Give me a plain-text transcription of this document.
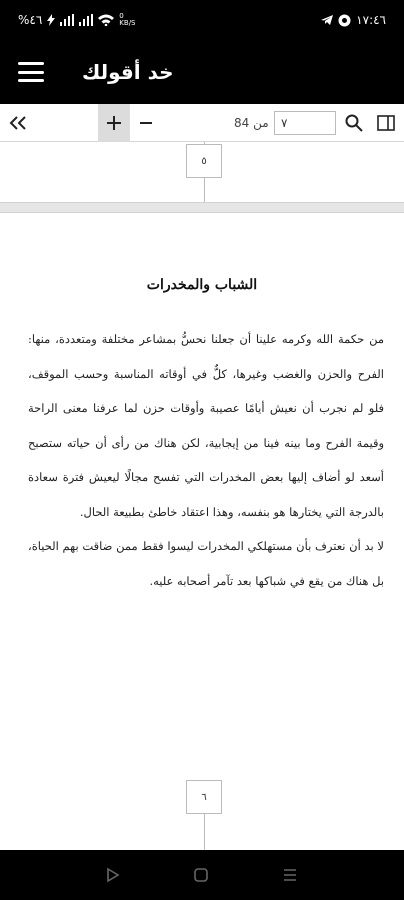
%٤٦	0
KB/S	١٧:٤٦
خد أقولك
من 84	٧
٥
الشباب والمخدرات

من حكمة الله وكرمه علينا أن جعلنا نحسُّ بمشاعر مختلفة ومتعددة، منها: الفرح والحزن والغضب وغيرها، كلٌّ في أوقاته المناسبة وحسب الموقف، فلو لم نجرب أن نعيش أيامًا عصيبة وأوقات حزن لما عرفنا معنى الراحة وقيمة الفرح وما بينه فينا من إيجابية، لكن هناك من رأى أن حياته ستصبح أسعد لو أضاف إليها بعض المخدرات التي تفسح مجالًا ليعيش فترة سعادة بالدرجة التي يختارها هو بنفسه، وهذا اعتقاد خاطئ بطبيعة الحال.

لا بد أن نعترف بأن مستهلكي المخدرات ليسوا فقط ممن ضاقت بهم الحياة، بل هناك من يقع في شباكها بعد تآمر أصحابه عليه.

٦
